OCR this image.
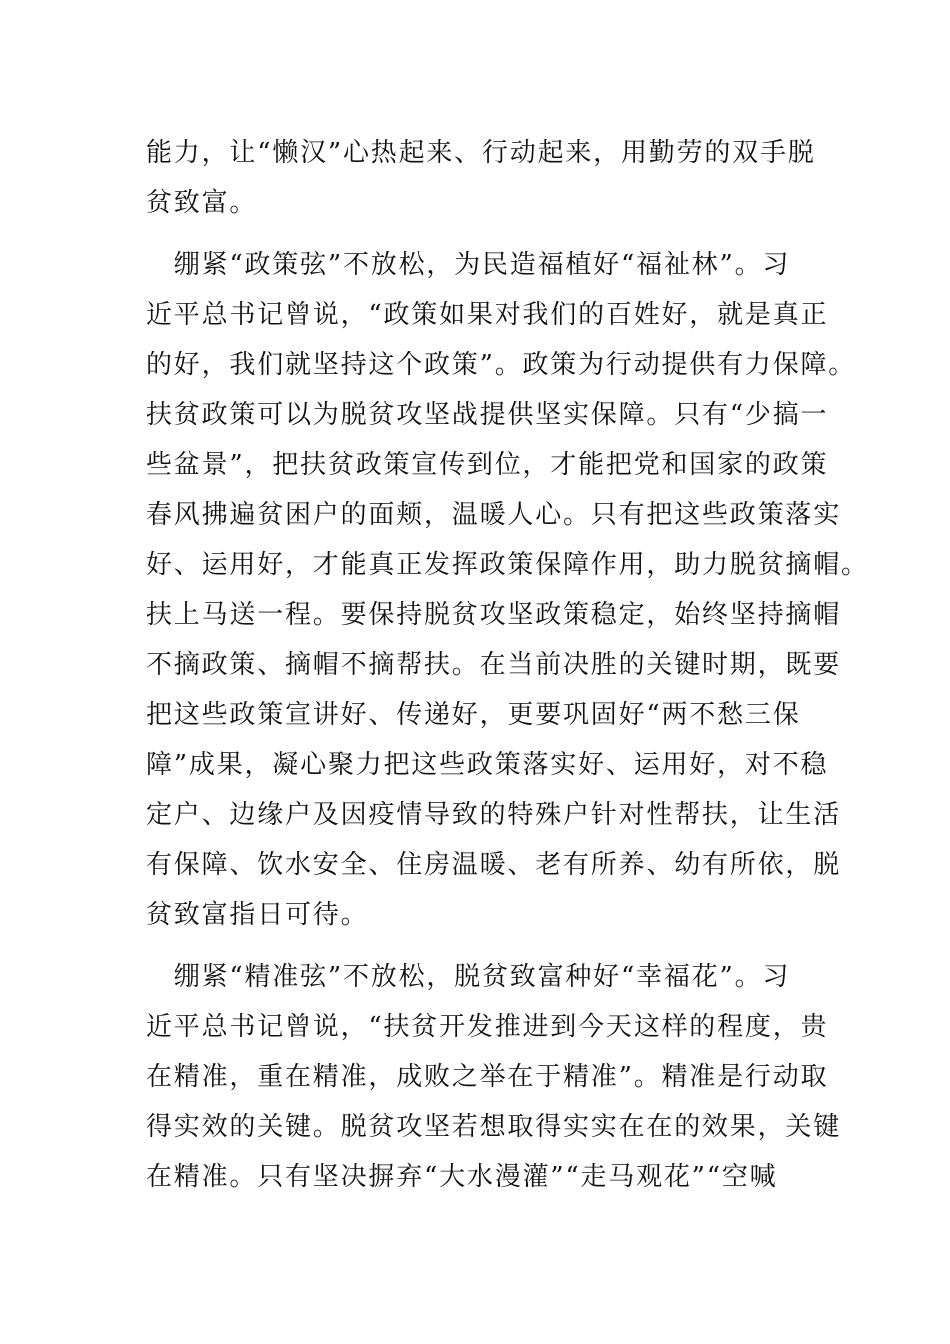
能力，让“懒汉”心热起来、行动起来，用勤劳的双手脱
贫致富。
　绷紧“政策弦”不放松，为民造福植好“福祉林”。习
近平总书记曾说，“政策如果对我们的百姓好，就是真正
的好，我们就坚持这个政策”。政策为行动提供有力保障。
扶贫政策可以为脱贫攻坚战提供坚实保障。只有“少搞一
些盆景”，把扶贫政策宣传到位，才能把党和国家的政策
春风拂遍贫困户的面颊，温暖人心。只有把这些政策落实
好、运用好，才能真正发挥政策保障作用，助力脱贫摘帽。
扶上马送一程。要保持脱贫攻坚政策稳定，始终坚持摘帽
不摘政策、摘帽不摘帮扶。在当前决胜的关键时期，既要
把这些政策宣讲好、传递好，更要巩固好“两不愁三保
障”成果，凝心聚力把这些政策落实好、运用好，对不稳
定户、边缘户及因疫情导致的特殊户针对性帮扶，让生活
有保障、饮水安全、住房温暖、老有所养、幼有所依，脱
贫致富指日可待。
　绷紧“精准弦”不放松，脱贫致富种好“幸福花”。习
近平总书记曾说，“扶贫开发推进到今天这样的程度，贵
在精准，重在精准，成败之举在于精准”。精准是行动取
得实效的关键。脱贫攻坚若想取得实实在在的效果，关键
在精准。只有坚决摒弃“大水漫灌”“走马观花”“空喊
